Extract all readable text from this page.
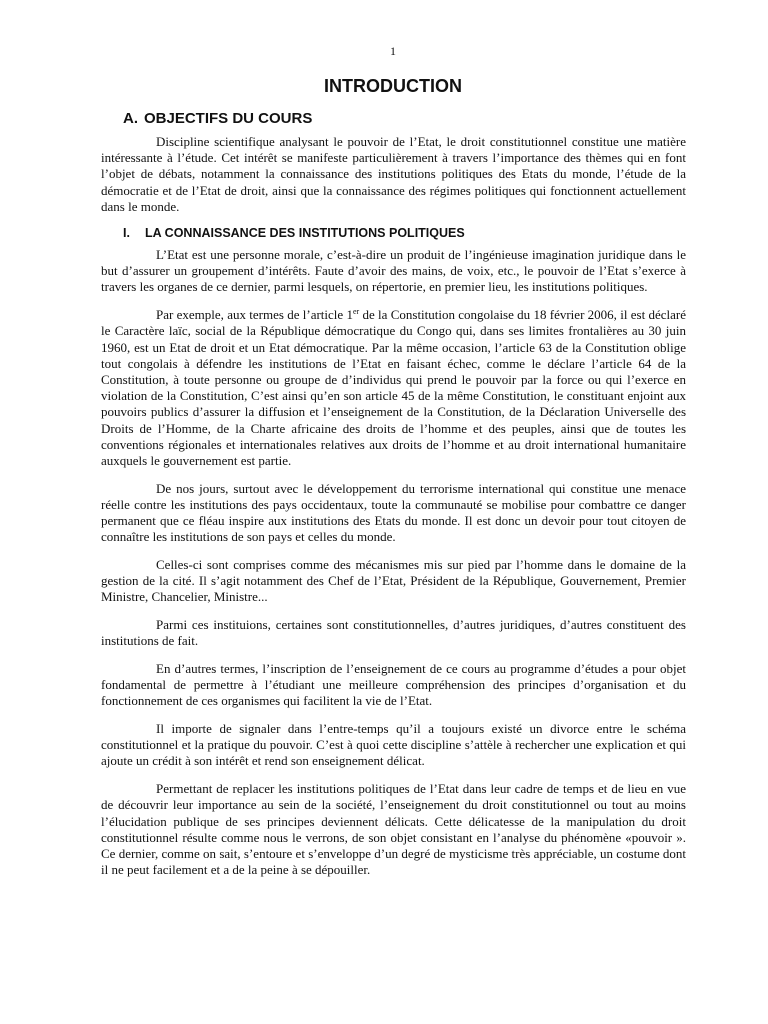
1
INTRODUCTION
A. OBJECTIFS DU COURS

Discipline scientifique analysant le pouvoir de l’Etat, le droit constitutionnel constitue une matière intéressante à l’étude. Cet intérêt se manifeste particulièrement à travers l’importance des thèmes qui en font l’objet de débats, notamment la connaissance des institutions politiques des Etats du monde, l’étude de la démocratie et de l’Etat de droit, ainsi que la connaissance des régimes politiques qui fonctionnent actuellement dans le monde.

I. LA CONNAISSANCE DES INSTITUTIONS POLITIQUES

L’Etat est une personne morale, c’est-à-dire un produit de l’ingénieuse imagination juridique dans le but d’assurer un groupement d’intérêts. Faute d’avoir des mains, de voix, etc., le pouvoir de l’Etat s’exerce à travers les organes de ce dernier, parmi lesquels, on répertorie, en premier lieu, les institutions politiques.

Par exemple, aux termes de l’article 1er de la Constitution congolaise du 18 février 2006, il est déclaré le Caractère laïc, social de la République démocratique du Congo qui, dans ses limites frontalières au 30 juin 1960, est un Etat de droit et un Etat démocratique. Par la même occasion, l’article 63 de la Constitution oblige tout congolais à défendre les institutions de l’Etat en faisant échec, comme le déclare l’article 64 de la Constitution, à toute personne ou groupe de d’individus qui prend le pouvoir par la force ou qui l’exerce en violation de la Constitution, C’est ainsi qu’en son article 45 de la même Constitution, le constituant enjoint aux pouvoirs publics d’assurer la diffusion et l’enseignement de la Constitution, de la Déclaration Universelle des Droits de l’Homme, de la Charte africaine des droits de l’homme et des peuples, ainsi que de toutes les conventions régionales et internationales relatives aux droits de l’homme et au droit international humanitaire auxquels le gouvernement est partie.

De nos jours, surtout avec le développement du terrorisme international qui constitue une menace réelle contre les institutions des pays occidentaux, toute la communauté se mobilise pour combattre ce danger permanent que ce fléau inspire aux institutions des Etats du monde. Il est donc un devoir pour tout citoyen de connaître les institutions de son pays et celles du monde.

Celles-ci sont comprises comme des mécanismes mis sur pied par l’homme dans le domaine de la gestion de la cité. Il s’agit notamment des Chef de l’Etat, Président de la République, Gouvernement, Premier Ministre, Chancelier, Ministre...

Parmi ces instituions, certaines sont constitutionnelles, d’autres juridiques, d’autres constituent des institutions de fait.

En d’autres termes, l’inscription de l’enseignement de ce cours au programme d’études a pour objet fondamental de permettre à l’étudiant une meilleure compréhension des principes d’organisation et du fonctionnement de ces organismes qui facilitent la vie de l’Etat.

Il importe de signaler dans l’entre-temps qu’il a toujours existé un divorce entre le schéma constitutionnel et la pratique du pouvoir. C’est à quoi cette discipline s’attèle à rechercher une explication et qui ajoute un crédit à son intérêt et rend son enseignement délicat.

Permettant de replacer les institutions politiques de l’Etat dans leur cadre de temps et de lieu en vue de découvrir leur importance au sein de la société, l’enseignement du droit constitutionnel ou tout au moins l’élucidation publique de ses principes deviennent délicats. Cette délicatesse de la manipulation du droit constitutionnel résulte comme nous le verrons, de son objet consistant en l’analyse du phénomène «pouvoir ». Ce dernier, comme on sait, s’entoure et s’enveloppe d’un degré de mysticisme très appréciable, un costume dont il ne peut facilement et a de la peine à se dépouiller.
